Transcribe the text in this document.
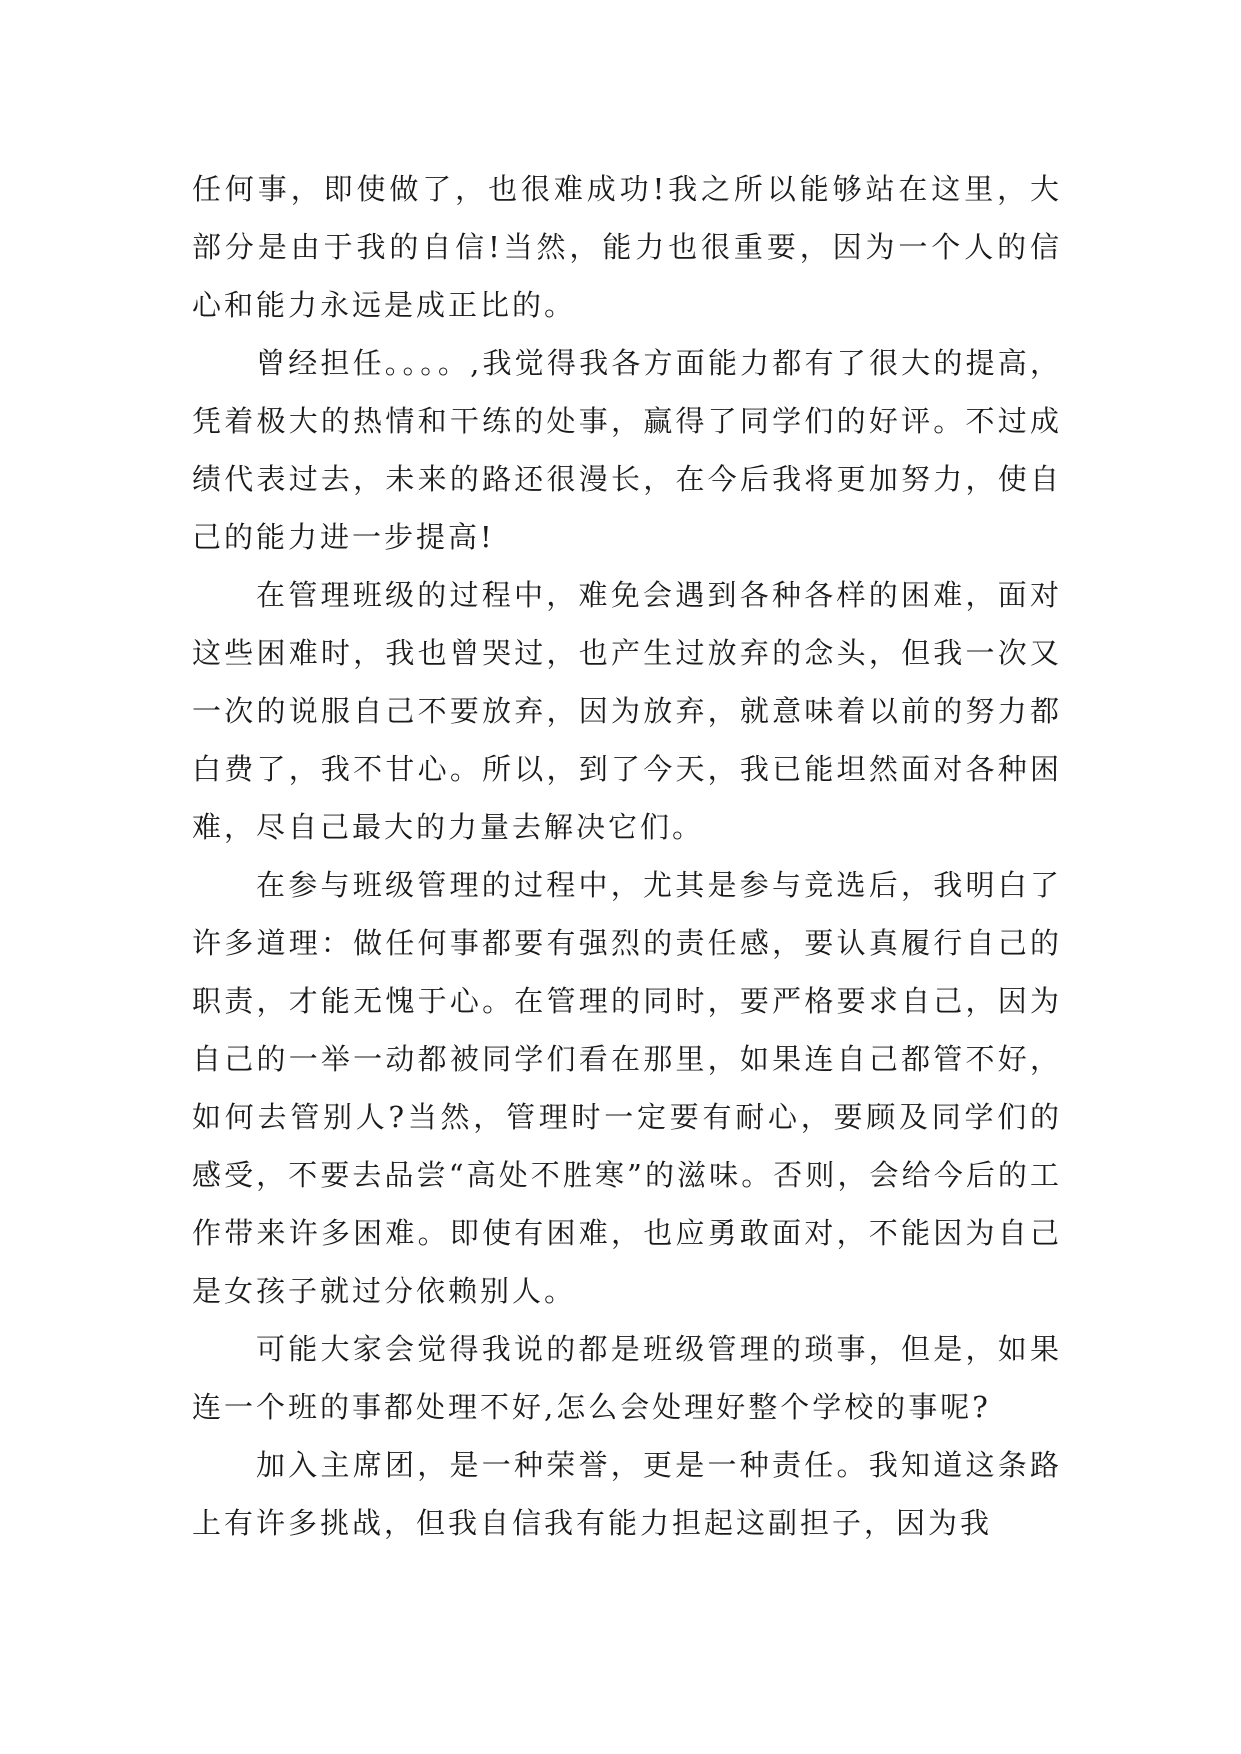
任何事，即使做了，也很难成功!我之所以能够站在这里，大部分是由于我的自信!当然，能力也很重要，因为一个人的信心和能力永远是成正比的。

曾经担任。。。。,我觉得我各方面能力都有了很大的提高，凭着极大的热情和干练的处事，赢得了同学们的好评。不过成绩代表过去，未来的路还很漫长，在今后我将更加努力，使自己的能力进一步提高!

在管理班级的过程中，难免会遇到各种各样的困难，面对这些困难时，我也曾哭过，也产生过放弃的念头，但我一次又一次的说服自己不要放弃，因为放弃，就意味着以前的努力都白费了，我不甘心。所以，到了今天，我已能坦然面对各种困难，尽自己最大的力量去解决它们。

在参与班级管理的过程中，尤其是参与竞选后，我明白了许多道理：做任何事都要有强烈的责任感，要认真履行自己的职责，才能无愧于心。在管理的同时，要严格要求自己，因为自己的一举一动都被同学们看在那里，如果连自己都管不好，如何去管别人?当然，管理时一定要有耐心，要顾及同学们的感受，不要去品尝“高处不胜寒”的滋味。否则，会给今后的工作带来许多困难。即使有困难，也应勇敢面对，不能因为自己是女孩子就过分依赖别人。

可能大家会觉得我说的都是班级管理的琐事，但是，如果连一个班的事都处理不好,怎么会处理好整个学校的事呢?

加入主席团，是一种荣誉，更是一种责任。我知道这条路上有许多挑战，但我自信我有能力担起这副担子，因为我
